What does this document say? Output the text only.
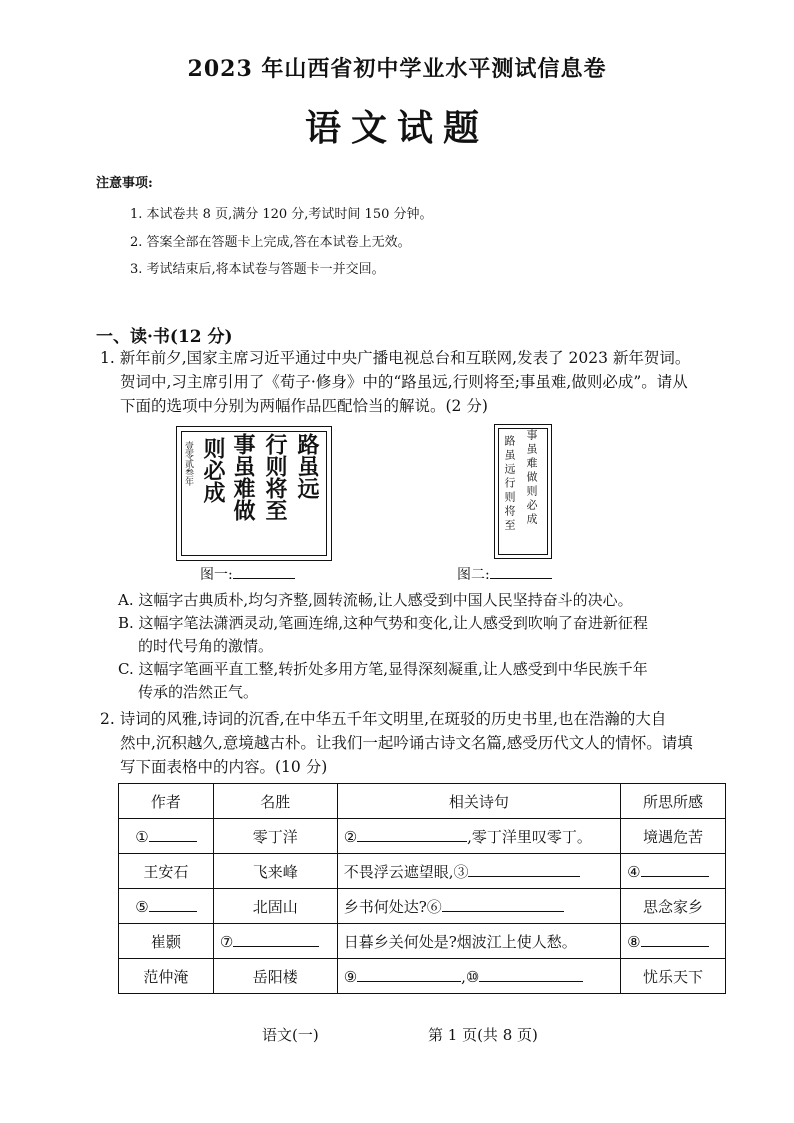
2023 年山西省初中学业水平测试信息卷
语文试题
注意事项:
1. 本试卷共 8 页,满分 120 分,考试时间 150 分钟。
2. 答案全部在答题卡上完成,答在本试卷上无效。
3. 考试结束后,将本试卷与答题卡一并交回。
一、读·书(12 分)
1. 新年前夕,国家主席习近平通过中央广播电视总台和互联网,发表了 2023 新年贺词。
贺词中,习主席引用了《荀子·修身》中的“路虽远,行则将至;事虽难,做则必成”。请从
下面的选项中分别为两幅作品匹配恰当的解说。(2 分)
壹零贰叁年 则必成 事虽难做 行则将至 路虽远
图一:
路虽远行则将至 事虽难做则必成
图二:
A. 这幅字古典质朴,均匀齐整,圆转流畅,让人感受到中国人民坚持奋斗的决心。
B. 这幅字笔法潇洒灵动,笔画连绵,这种气势和变化,让人感受到吹响了奋进新征程
的时代号角的激情。
C. 这幅字笔画平直工整,转折处多用方笔,显得深刻凝重,让人感受到中华民族千年
传承的浩然正气。
2. 诗词的风雅,诗词的沉香,在中华五千年文明里,在斑驳的历史书里,也在浩瀚的大自
然中,沉积越久,意境越古朴。让我们一起吟诵古诗文名篇,感受历代文人的情怀。请填
写下面表格中的内容。(10 分)
作者	名胜	相关诗句	所思所感
①	零丁洋	② ,零丁洋里叹零丁。	境遇危苦
王安石	飞来峰	不畏浮云遮望眼,③	④
⑤	北固山	乡书何处达?⑥	思念家乡
崔颢	⑦	日暮乡关何处是?烟波江上使人愁。	⑧
范仲淹	岳阳楼	⑨ ,⑩	忧乐天下
语文(一)	第 1 页(共 8 页)
